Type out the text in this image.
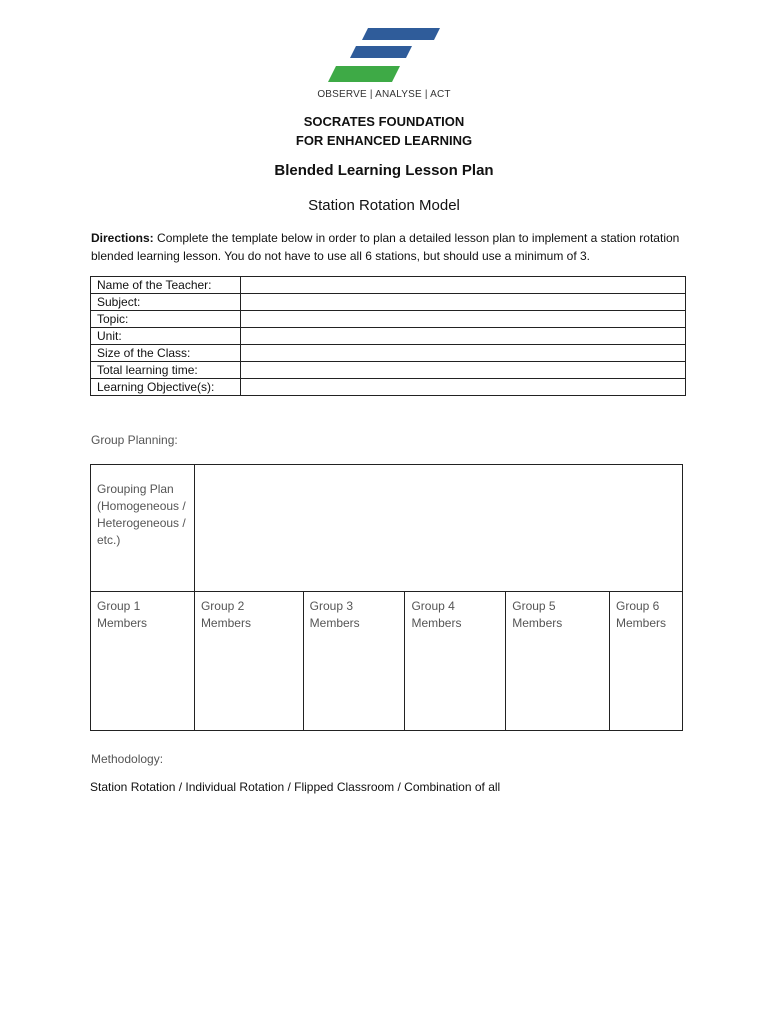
OBSERVE | ANALYSE | ACT
SOCRATES FOUNDATION
FOR ENHANCED LEARNING
Blended Learning Lesson Plan
Station Rotation Model
Directions: Complete the template below in order to plan a detailed lesson plan to implement a station rotation blended learning lesson. You do not have to use all 6 stations, but should use a minimum of 3.
Name of the Teacher:	
Subject:	
Topic:	
Unit:	
Size of the Class:	
Total learning time:	
Learning Objective(s):	
Group Planning:
Grouping Plan (Homogeneous / Heterogeneous / etc.)					
Group 1 Members	Group 2 Members	Group 3 Members	Group 4 Members	Group 5 Members	Group 6 Members
Methodology:
Station Rotation / Individual Rotation / Flipped Classroom / Combination of all
